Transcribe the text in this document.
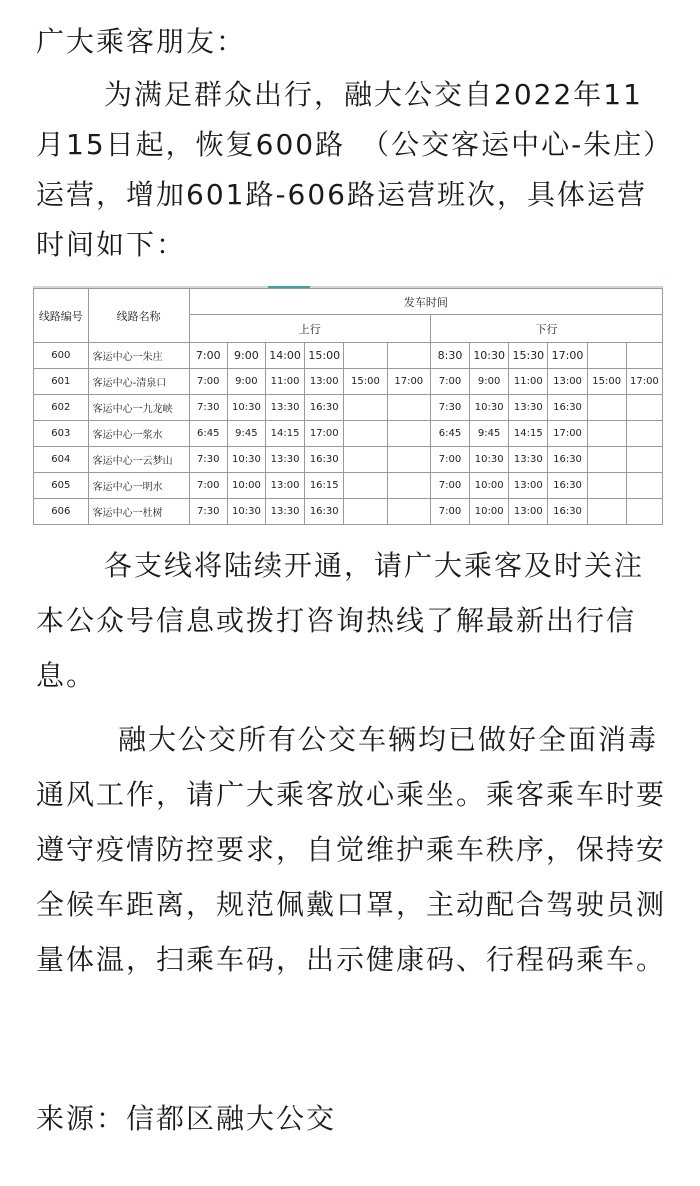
广大乘客朋友：

为满足群众出行，融大公交自2022年11月15日起，恢复600路　（公交客运中心-朱庄）运营，增加601路-606路运营班次，具体运营时间如下：

线路编号	线路名称	发车时间											
		上行						下行					
600	客运中心一朱庄	7:00	9:00	14:00	15:00			8:30	10:30	15:30	17:00		
601	客运中心-清泉口	7:00	9:00	11:00	13:00	15:00	17:00	7:00	9:00	11:00	13:00	15:00	17:00
602	客运中心一九龙峡	7:30	10:30	13:30	16:30			7:30	10:30	13:30	16:30		
603	客运中心一浆水	6:45	9:45	14:15	17:00			6:45	9:45	14:15	17:00		
604	客运中心一云梦山	7:30	10:30	13:30	16:30			7:00	10:30	13:30	16:30		
605	客运中心一明水	7:00	10:00	13:00	16:15			7:00	10:00	13:00	16:30		
606	客运中心一杜树	7:30	10:30	13:30	16:30			7:00	10:00	13:00	16:30		

各支线将陆续开通，请广大乘客及时关注本公众号信息或拨打咨询热线了解最新出行信息。

融大公交所有公交车辆均已做好全面消毒通风工作，请广大乘客放心乘坐。乘客乘车时要遵守疫情防控要求，自觉维护乘车秩序，保持安全候车距离，规范佩戴口罩，主动配合驾驶员测量体温，扫乘车码，出示健康码、行程码乘车。

来源：信都区融大公交
